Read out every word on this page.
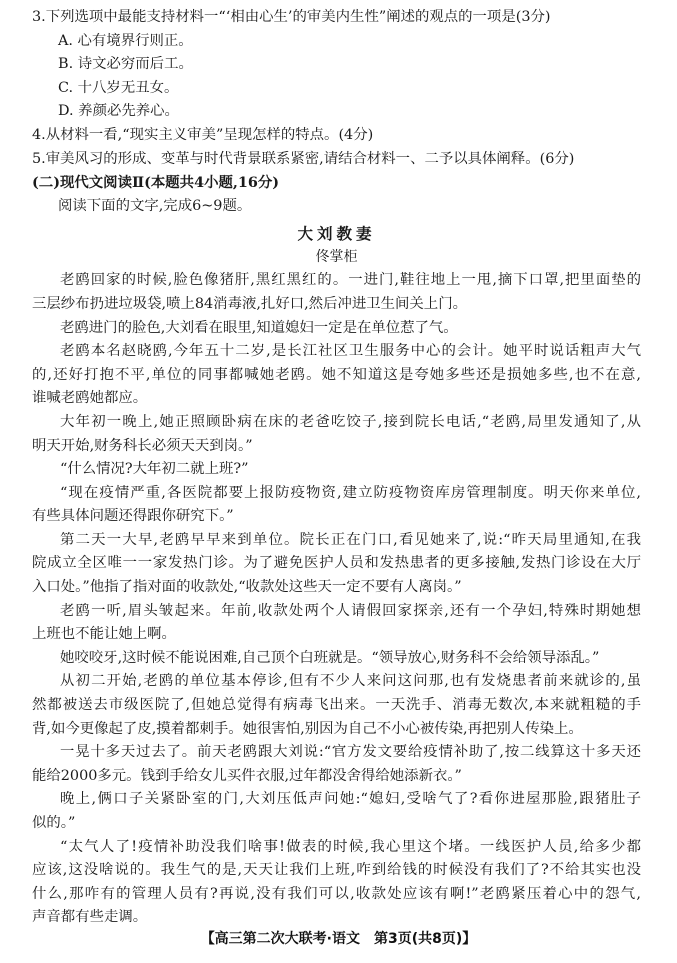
3.下列选项中最能支持材料一“‘相由心生’的审美内生性”阐述的观点的一项是(3分)
A. 心有境界行则正。
B. 诗文必穷而后工。
C. 十八岁无丑女。
D. 养颜必先养心。
4.从材料一看,“现实主义审美”呈现怎样的特点。(4分)
5.审美风习的形成、变革与时代背景联系紧密,请结合材料一、二予以具体阐释。(6分)
(二)现代文阅读Ⅱ(本题共4小题,16分)
阅读下面的文字,完成6~9题。
大刘教妻
佟掌柜
老鸥回家的时候,脸色像猪肝,黑红黑红的。一进门,鞋往地上一甩,摘下口罩,把里面垫的
三层纱布扔进垃圾袋,喷上84消毒液,扎好口,然后冲进卫生间关上门。
老鸥进门的脸色,大刘看在眼里,知道媳妇一定是在单位惹了气。
老鸥本名赵晓鸥,今年五十二岁,是长江社区卫生服务中心的会计。她平时说话粗声大气
的,还好打抱不平,单位的同事都喊她老鸥。她不知道这是夸她多些还是损她多些,也不在意,
谁喊老鸥她都应。
大年初一晚上,她正照顾卧病在床的老爸吃饺子,接到院长电话,“老鸥,局里发通知了,从
明天开始,财务科长必须天天到岗。”
“什么情况?大年初二就上班?”
“现在疫情严重,各医院都要上报防疫物资,建立防疫物资库房管理制度。明天你来单位,
有些具体问题还得跟你研究下。”
第二天一大早,老鸥早早来到单位。院长正在门口,看见她来了,说:“昨天局里通知,在我
院成立全区唯一一家发热门诊。为了避免医护人员和发热患者的更多接触,发热门诊设在大厅
入口处。”他指了指对面的收款处,“收款处这些天一定不要有人离岗。”
老鸥一听,眉头皱起来。年前,收款处两个人请假回家探亲,还有一个孕妇,特殊时期她想
上班也不能让她上啊。
她咬咬牙,这时候不能说困难,自己顶个白班就是。“领导放心,财务科不会给领导添乱。”
从初二开始,老鸥的单位基本停诊,但有不少人来问这问那,也有发烧患者前来就诊的,虽
然都被送去市级医院了,但她总觉得有病毒飞出来。一天洗手、消毒无数次,本来就粗糙的手
背,如今更像起了皮,摸着都刺手。她很害怕,别因为自己不小心被传染,再把别人传染上。
一晃十多天过去了。前天老鸥跟大刘说:“官方发文要给疫情补助了,按二线算这十多天还
能给2000多元。钱到手给女儿买件衣服,过年都没舍得给她添新衣。”
晚上,俩口子关紧卧室的门,大刘压低声问她:“媳妇,受啥气了?看你进屋那脸,跟猪肚子
似的。”
“太气人了!疫情补助没我们啥事!做表的时候,我心里这个堵。一线医护人员,给多少都
应该,这没啥说的。我生气的是,天天让我们上班,咋到给钱的时候没有我们了?不给其实也没
什么,那咋有的管理人员有?再说,没有我们可以,收款处应该有啊!”老鸥紧压着心中的怨气,
声音都有些走调。
【高三第二次大联考·语文　第3页(共8页)】
